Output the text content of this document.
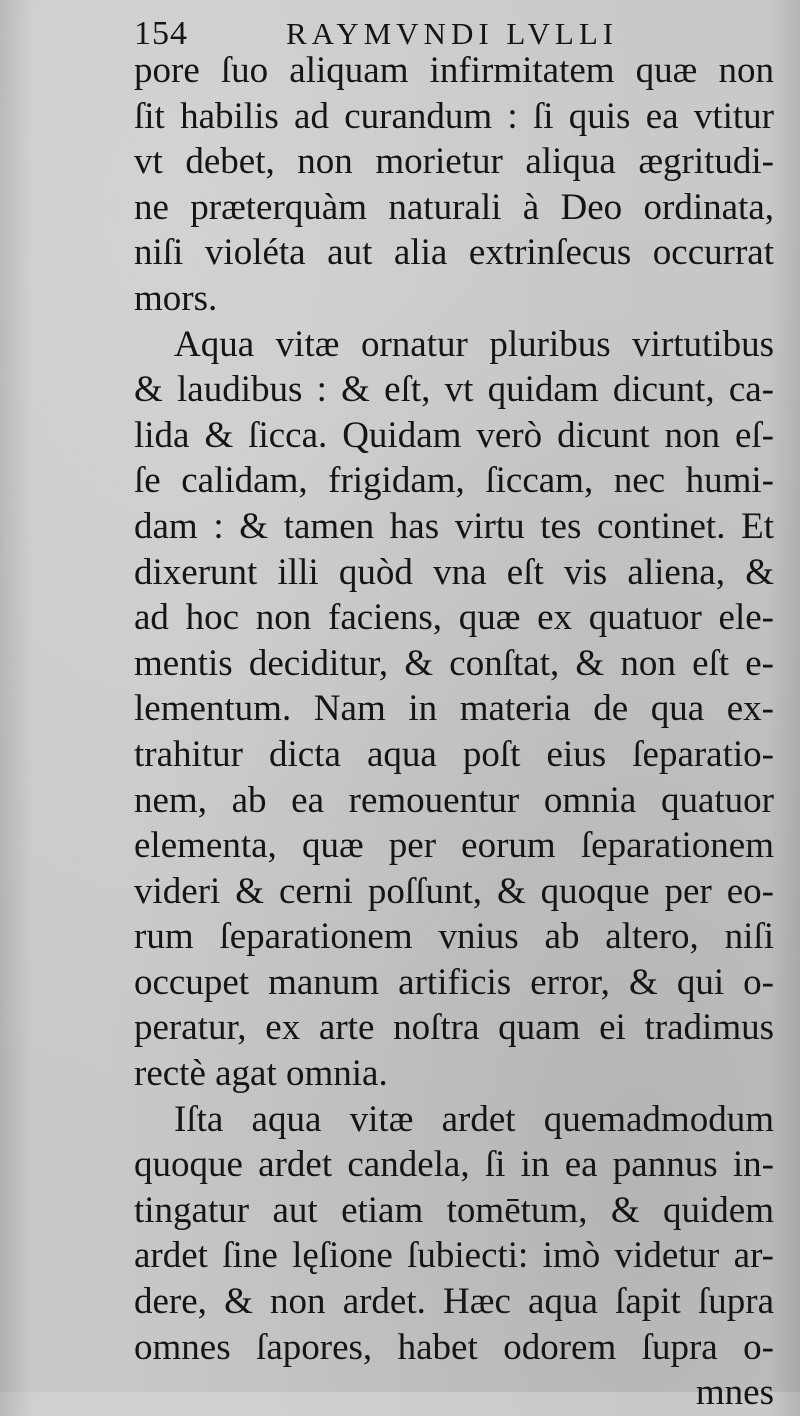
154	RAYMVNDI LVLLI
pore ſuo aliquam infirmitatem quæ non
ſit habilis ad curandum : ſi quis ea vtitur
vt debet, non morietur aliqua ægritudi-
ne præterquàm naturali à Deo ordinata,
niſi violéta aut alia extrinſecus occurrat
mors.
Aqua vitæ ornatur pluribus virtutibus
& laudibus : & eſt, vt quidam dicunt, ca-
lida & ſicca. Quidam verò dicunt non eſ-
ſe calidam, frigidam, ſiccam, nec humi-
dam : & tamen has virtu tes continet. Et
dixerunt illi quòd vna eſt vis aliena, &
ad hoc non faciens, quæ ex quatuor ele-
mentis deciditur, & conſtat, & non eſt e-
lementum. Nam in materia de qua ex-
trahitur dicta aqua poſt eius ſeparatio-
nem, ab ea remouentur omnia quatuor
elementa, quæ per eorum ſeparationem
videri & cerni poſſunt, & quoque per eo-
rum ſeparationem vnius ab altero, niſi
occupet manum artificis error, & qui o-
peratur, ex arte noſtra quam ei tradimus
rectè agat omnia.
Iſta aqua vitæ ardet quemadmodum
quoque ardet candela, ſi in ea pannus in-
tingatur aut etiam tomētum, & quidem
ardet ſine lęſione ſubiecti: imò videtur ar-
dere, & non ardet. Hæc aqua ſapit ſupra
omnes ſapores, habet odorem ſupra o-
mnes
